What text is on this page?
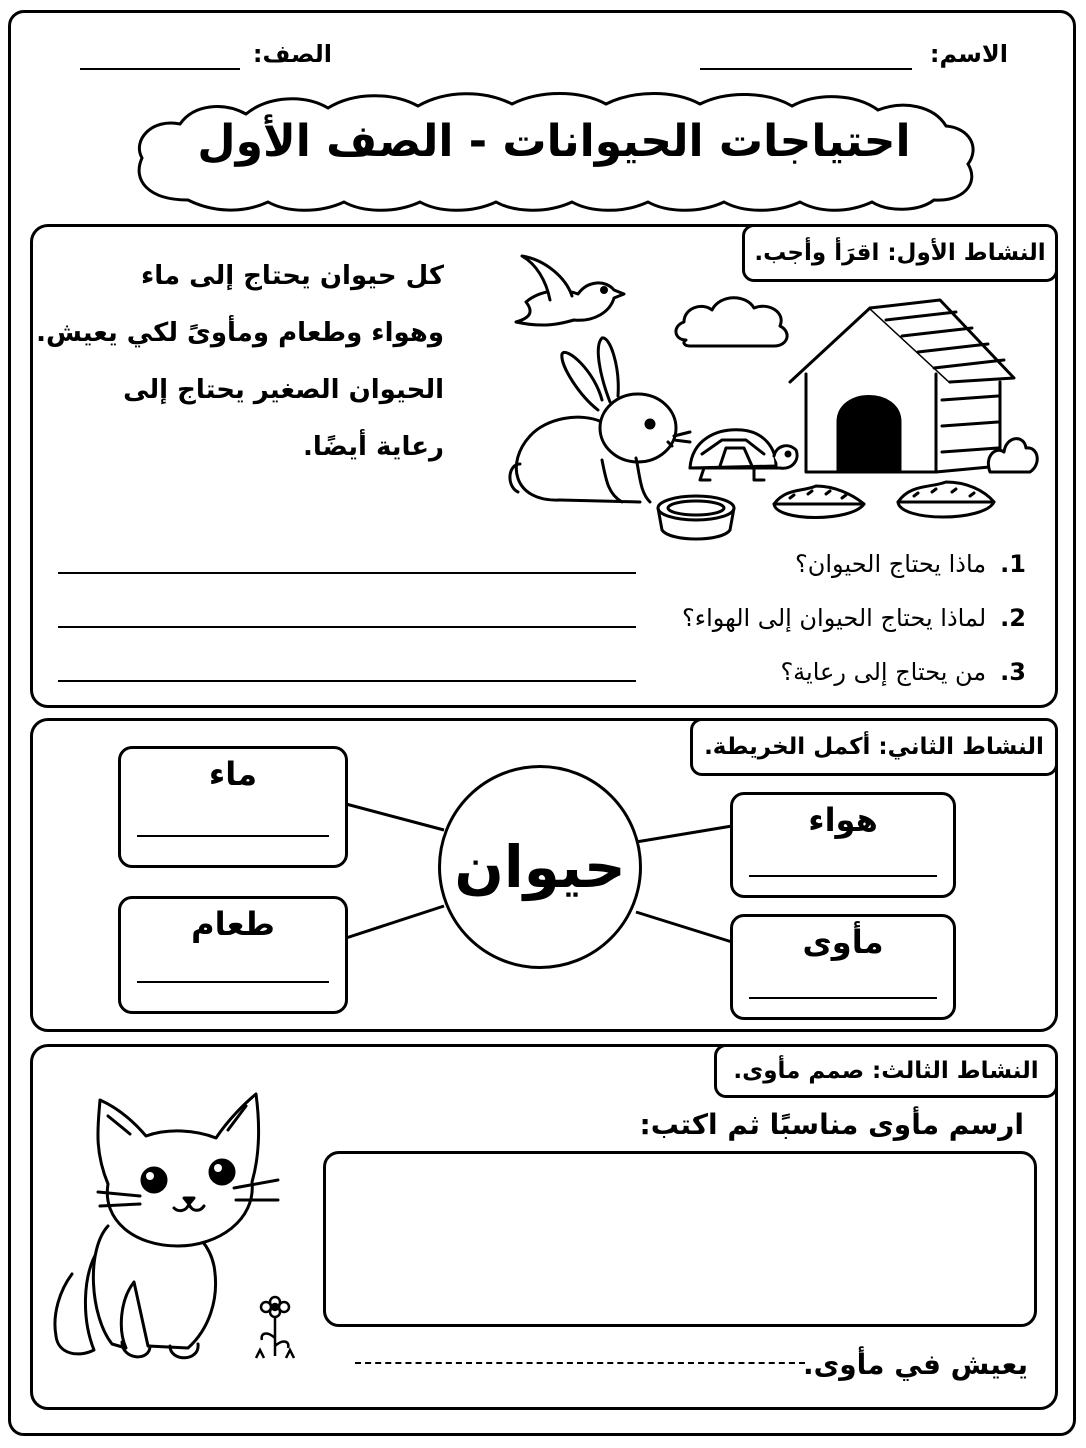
الاسم:
الصف:
احتياجات الحيوانات - الصف الأول
النشاط الأول: اقرَأ وأجب.

كل حيوان يحتاج إلى ماء

وهواء وطعام ومأوىً لكي يعيش.

الحيوان الصغير يحتاج إلى

رعاية أيضًا.

1.
ماذا يحتاج الحيوان؟
2.
لماذا يحتاج الحيوان إلى الهواء؟
3.
من يحتاج إلى رعاية؟
النشاط الثاني: أكمل الخريطة.
ماء
طعام
هواء
مأوى
حيوان
النشاط الثالث: صمم مأوى.
ارسم مأوى مناسبًا ثم اكتب:
يعيش في مأوى.
